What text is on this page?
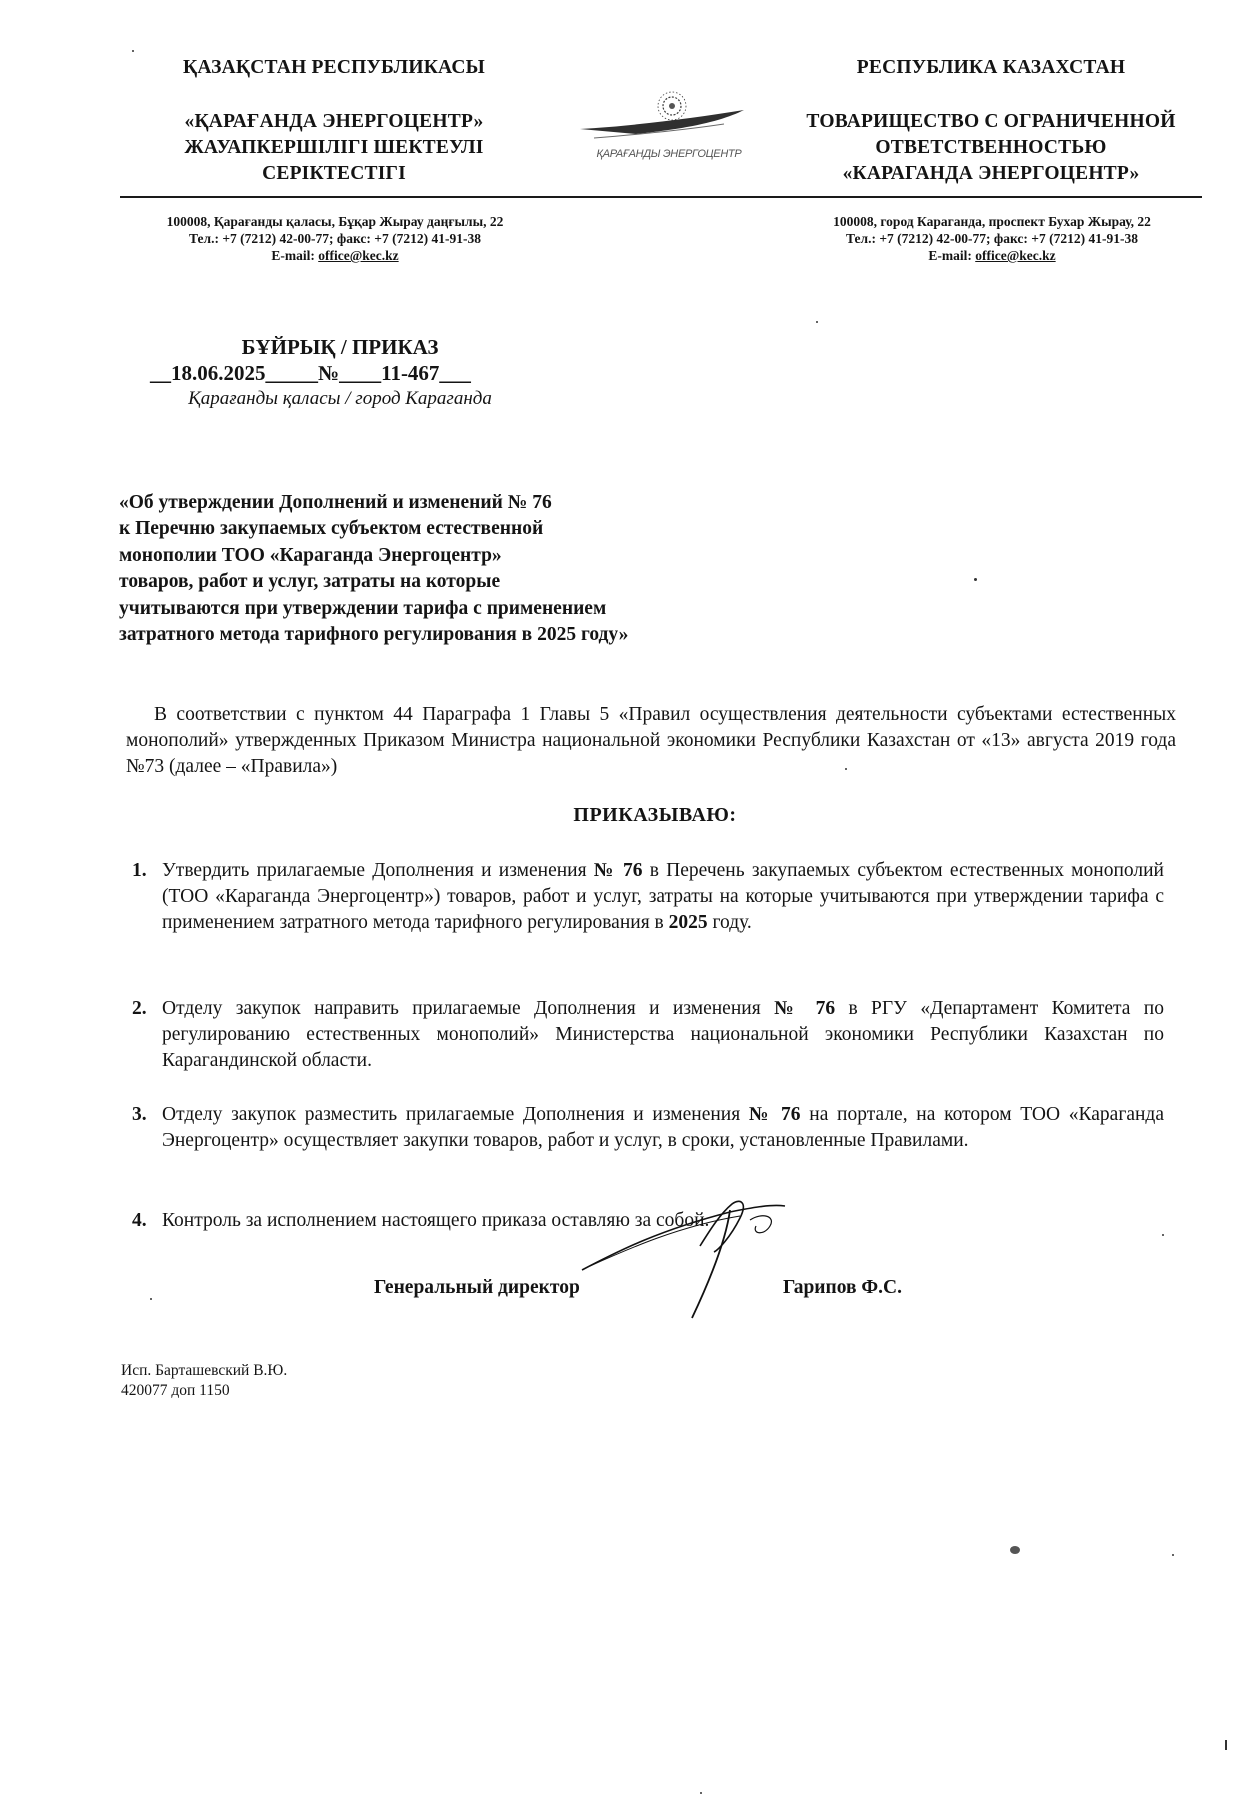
ҚАЗАҚСТАН РЕСПУБЛИКАСЫ
«ҚАРАҒАНДА ЭНЕРГОЦЕНТР»
ЖАУАПКЕРШІЛІГІ ШЕКТЕУЛІ
СЕРІКТЕСТІГІ
ҚАРАҒАНДЫ ЭНЕРГОЦЕНТР
РЕСПУБЛИКА КАЗАХСТАН
ТОВАРИЩЕСТВО С ОГРАНИЧЕННОЙ
ОТВЕТСТВЕННОСТЬЮ
«КАРАГАНДА ЭНЕРГОЦЕНТР»
100008, Қарағанды қаласы, Бұқар Жырау даңғылы, 22
Тел.: +7 (7212) 42-00-77; факс: +7 (7212) 41-91-38
E-mail: office@kec.kz
100008, город Караганда, проспект Бухар Жырау, 22
Тел.: +7 (7212) 42-00-77; факс: +7 (7212) 41-91-38
E-mail: office@kec.kz
БҰЙРЫҚ / ПРИКАЗ
__18.06.2025_____№____11-467___
Қарағанды қаласы / город Караганда
«Об утверждении Дополнений и изменений № 76
к Перечню закупаемых субъектом естественной
монополии ТОО «Караганда Энергоцентр»
товаров, работ и услуг, затраты на которые
учитываются при утверждении тарифа с применением
затратного метода тарифного регулирования в 2025 году»
В соответствии с пунктом 44 Параграфа 1 Главы 5 «Правил осуществления деятельности субъектами естественных монополий» утвержденных Приказом Министра национальной экономики Республики Казахстан от «13» августа 2019 года №73 (далее – «Правила»)
ПРИКАЗЫВАЮ:
1. Утвердить прилагаемые Дополнения и изменения № 76 в Перечень закупаемых субъектом естественных монополий (ТОО «Караганда Энергоцентр») товаров, работ и услуг, затраты на которые учитываются при утверждении тарифа с применением затратного метода тарифного регулирования в 2025 году.
2. Отделу закупок направить прилагаемые Дополнения и изменения № 76 в РГУ «Департамент Комитета по регулированию естественных монополий» Министерства национальной экономики Республики Казахстан по Карагандинской области.
3. Отделу закупок разместить прилагаемые Дополнения и изменения № 76 на портале, на котором ТОО «Караганда Энергоцентр» осуществляет закупки товаров, работ и услуг, в сроки, установленные Правилами.
4. Контроль за исполнением настоящего приказа оставляю за собой.
Генеральный директор	Гарипов Ф.С.
Исп. Барташевский В.Ю.
420077 доп 1150
